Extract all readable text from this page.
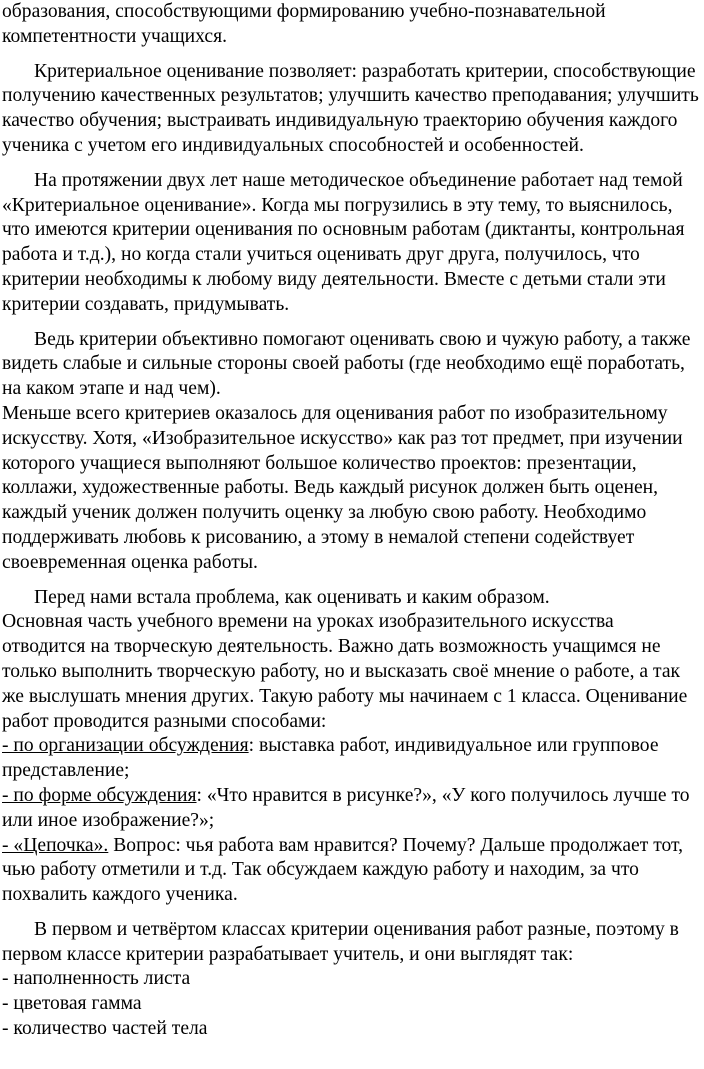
образования, способствующими формированию учебно-познавательной компетентности учащихся.

Критериальное оценивание позволяет: разработать критерии, способствующие получению качественных результатов; улучшить качество преподавания; улучшить качество обучения; выстраивать индивидуальную траекторию обучения каждого ученика с учетом его индивидуальных способностей и особенностей.

На протяжении двух лет наше методическое объединение работает над темой «Критериальное оценивание». Когда мы погрузились в эту тему, то выяснилось, что имеются критерии оценивания по основным работам (диктанты, контрольная работа и т.д.), но когда стали учиться оценивать друг друга, получилось, что критерии необходимы к любому виду деятельности. Вместе с детьми стали эти критерии создавать, придумывать.

Ведь критерии объективно помогают оценивать свою и чужую работу, а также видеть слабые и сильные стороны своей работы (где необходимо ещё поработать, на каком этапе и над чем).

Меньше всего критериев оказалось для оценивания работ по изобразительному искусству. Хотя, «Изобразительное искусство» как раз тот предмет, при изучении которого учащиеся выполняют большое количество проектов: презентации, коллажи, художественные работы. Ведь каждый рисунок должен быть оценен, каждый ученик должен получить оценку за любую свою работу. Необходимо поддерживать любовь к рисованию, а этому в немалой степени содействует своевременная оценка работы.

Перед нами встала проблема, как оценивать и каким образом.

Основная часть учебного времени на уроках изобразительного искусства отводится на творческую деятельность. Важно дать возможность учащимся не только выполнить творческую работу, но и высказать своё мнение о работе, а так же выслушать мнения других. Такую работу мы начинаем с 1 класса. Оценивание работ проводится разными способами:

- по организации обсуждения: выставка работ, индивидуальное или групповое представление;

- по форме обсуждения: «Что нравится в рисунке?», «У кого получилось лучше то или иное изображение?»;

- «Цепочка». Вопрос: чья работа вам нравится? Почему? Дальше продолжает тот, чью работу отметили и т.д. Так обсуждаем каждую работу и находим, за что похвалить каждого ученика.

В первом и четвёртом классах критерии оценивания работ разные, поэтому в первом классе критерии разрабатывает учитель, и они выглядят так:

- наполненность листа
- цветовая гамма
- количество частей тела
